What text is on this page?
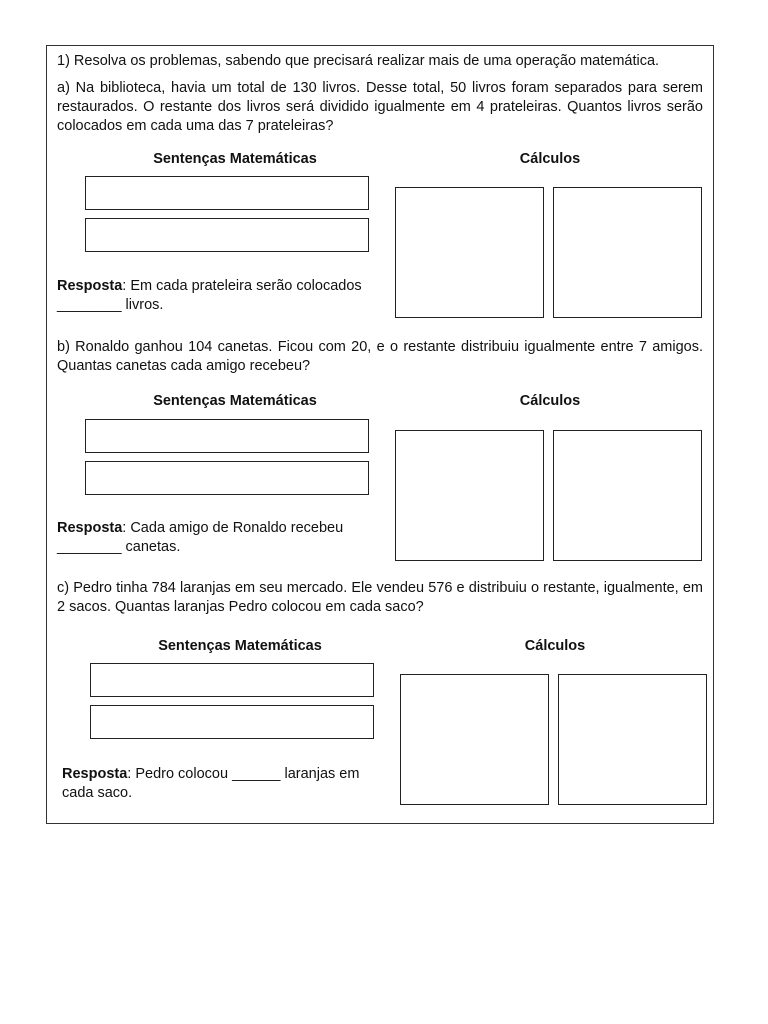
1) Resolva os problemas, sabendo que precisará realizar mais de uma operação matemática.
a) Na biblioteca, havia um total de 130 livros. Desse total, 50 livros foram separados para serem restaurados. O restante dos livros será dividido igualmente em 4 prateleiras. Quantos livros serão colocados em cada uma das 7 prateleiras?
Sentenças Matemáticas	Cálculos
Resposta: Em cada prateleira serão colocados ________ livros.
b) Ronaldo ganhou 104 canetas. Ficou com 20, e o restante distribuiu igualmente entre 7 amigos. Quantas canetas cada amigo recebeu?
Sentenças Matemáticas	Cálculos
Resposta: Cada amigo de Ronaldo recebeu ________ canetas.
c) Pedro tinha 784 laranjas em seu mercado. Ele vendeu 576 e distribuiu o restante, igualmente, em 2 sacos. Quantas laranjas Pedro colocou em cada saco?
Sentenças Matemáticas	Cálculos
Resposta: Pedro colocou ______ laranjas em cada saco.
